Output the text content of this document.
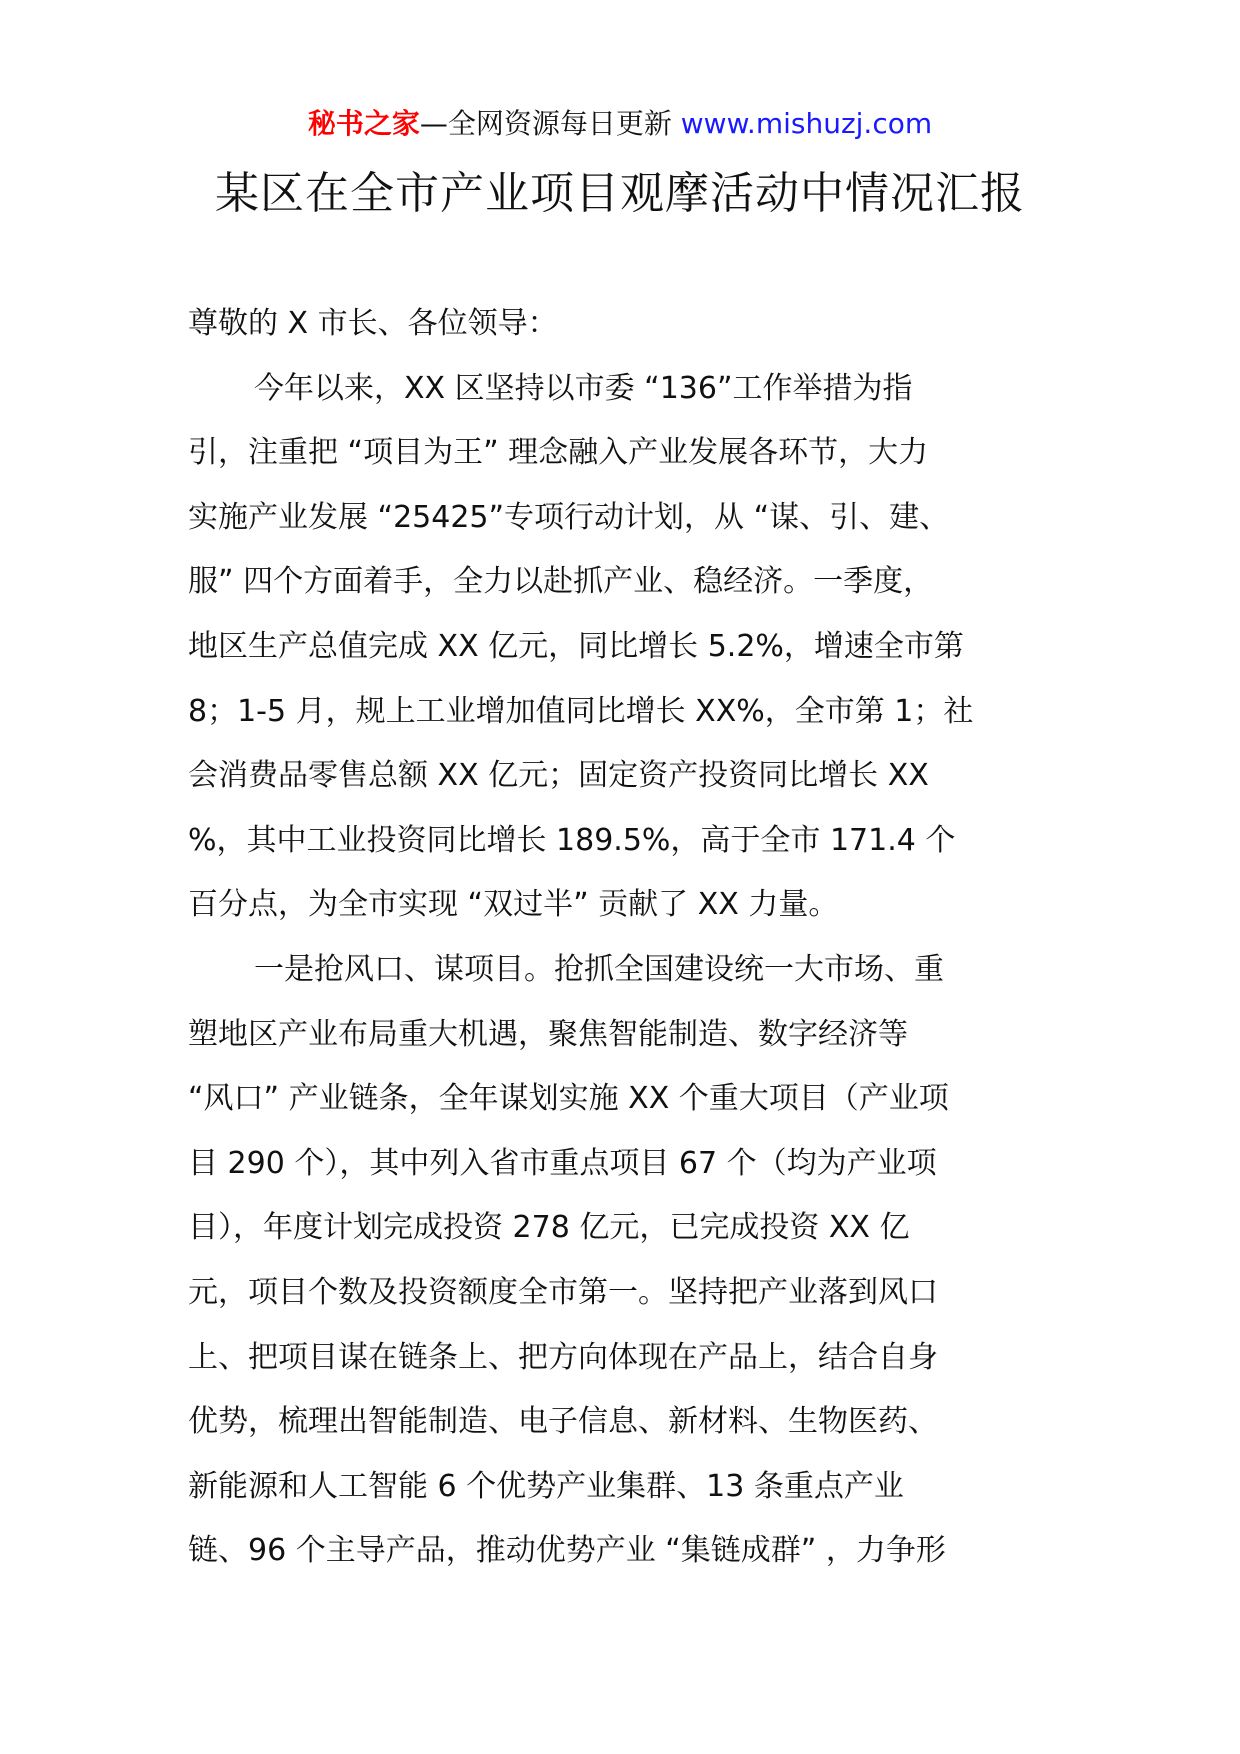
秘书之家—全网资源每日更新 www.mishuzj.com
某区在全市产业项目观摩活动中情况汇报
尊敬的 X 市长、各位领导：
今年以来，XX 区坚持以市委 “136”工作举措为指
引，注重把 “项目为王” 理念融入产业发展各环节，大力
实施产业发展 “25425”专项行动计划，从 “谋、引、建、
服” 四个方面着手，全力以赴抓产业、稳经济。一季度，
地区生产总值完成 XX 亿元，同比增长 5.2%，增速全市第
8；1-5 月，规上工业增加值同比增长 XX%，全市第 1；社
会消费品零售总额 XX 亿元；固定资产投资同比增长 XX
%，其中工业投资同比增长 189.5%，高于全市 171.4 个
百分点，为全市实现 “双过半” 贡献了 XX 力量。
一是抢风口、谋项目。抢抓全国建设统一大市场、重
塑地区产业布局重大机遇，聚焦智能制造、数字经济等
“风口” 产业链条，全年谋划实施 XX 个重大项目（产业项
目 290 个），其中列入省市重点项目 67 个（均为产业项
目），年度计划完成投资 278 亿元，已完成投资 XX 亿
元，项目个数及投资额度全市第一。坚持把产业落到风口
上、把项目谋在链条上、把方向体现在产品上，结合自身
优势，梳理出智能制造、电子信息、新材料、生物医药、
新能源和人工智能 6 个优势产业集群、13 条重点产业
链、96 个主导产品，推动优势产业 “集链成群” ，力争形
